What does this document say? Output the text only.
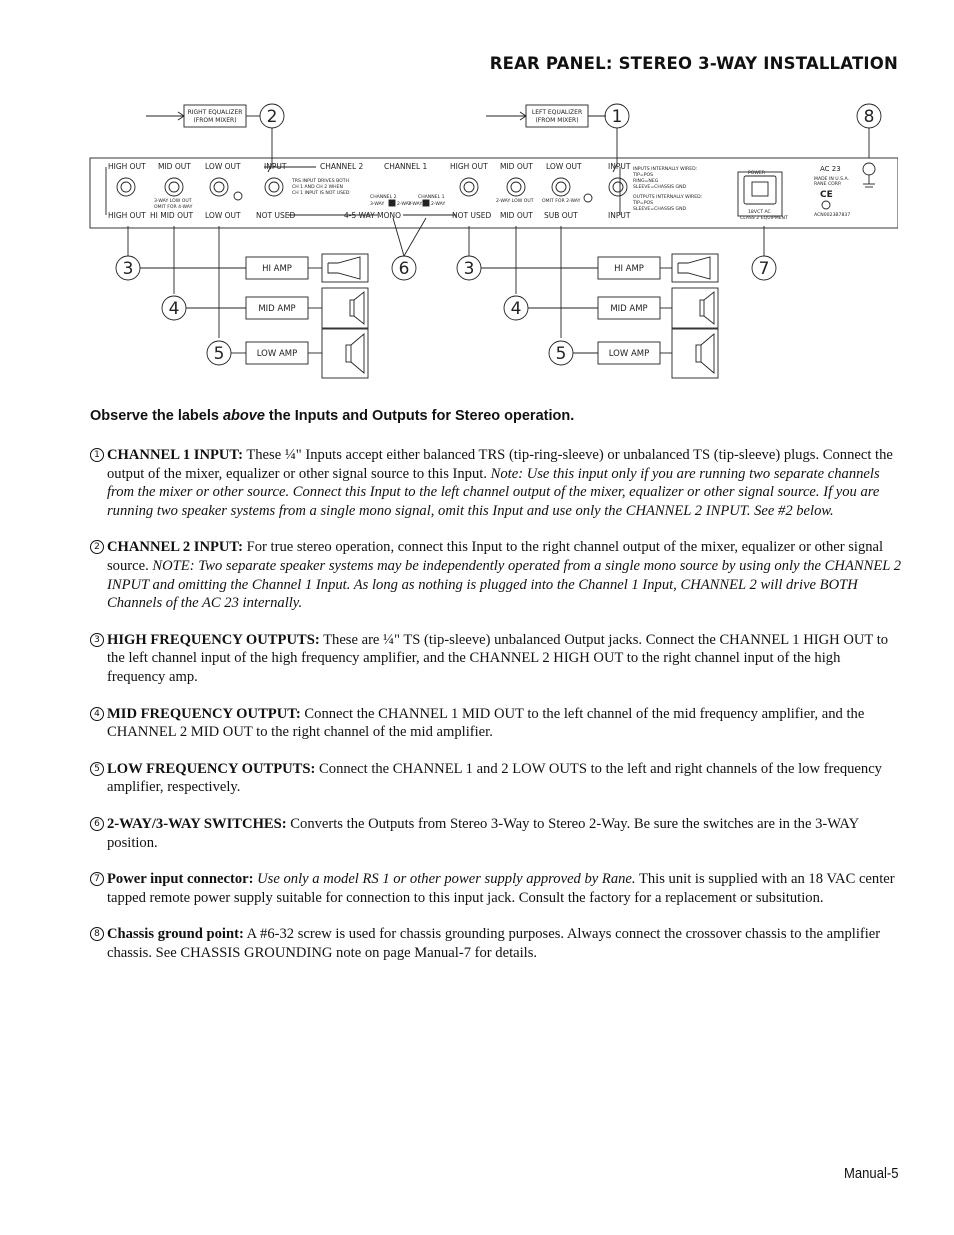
REAR PANEL: STEREO 3-WAY INSTALLATION
2	1	8
3
4
5
6	3
4
5
7
RIGHT EQUALIZER
(FROM MIXER)
LEFT EQUALIZER
(FROM MIXER)
HIGH OUT MID OUT LOW OUT	INPUT	CHANNEL 2	CHANNEL 1	HIGH OUT MID OUT LOW OUT	INPUT
HIGH OUT HI MID OUT LOW OUT NOT USED	4-5 WAY MONO	NOT USED MID OUT SUB OUT	INPUT
TRS INPUT DRIVES BOTH
CH 1 AND CH 2 WHEN
CH 1 INPUT IS NOT USED
3-WAY LOW OUT
OMIT FOR 4-WAY
2-WAY LOW OUT OMIT FOR 2-WAY
CHANNEL 2
3-WAY	2-WAY
CHANNEL 1
3-WAY 2-WAY
INPUTS INTERNALLY WIRED:
TIP=POS
RING=NEG
SLEEVE=CHASSIS GND
OUTPUTS INTERNALLY WIRED:
TIP=POS
SLEEVE=CHASSIS GND
POWER
18VCT AC
CLASS 2 EQUIPMENT
MADE IN U.S.A.
RANE CORP.
ACN0023B7837
AC 23
CE
HI AMP
MID AMP
LOW AMP
HI AMP
MID AMP
LOW AMP
Observe the labels above the Inputs and Outputs for Stereo operation.

1 CHANNEL 1 INPUT: These ¼" Inputs accept either balanced TRS (tip-ring-sleeve) or unbalanced TS (tip-sleeve) plugs. Connect the output of the mixer, equalizer or other signal source to this Input. Note: Use this input only if you are running two separate channels from the mixer or other source. Connect this Input to the left channel output of the mixer, equalizer or other signal source. If you are running two speaker systems from a single mono signal, omit this Input and use only the CHANNEL 2 INPUT. See #2 below.

2 CHANNEL 2 INPUT: For true stereo operation, connect this Input to the right channel output of the mixer, equalizer or other signal source. NOTE: Two separate speaker systems may be independently operated from a single mono source by using only the CHANNEL 2 INPUT and omitting the Channel 1 Input. As long as nothing is plugged into the Channel 1 Input, CHANNEL 2 will drive BOTH Channels of the AC 23 internally.

3 HIGH FREQUENCY OUTPUTS: These are ¼" TS (tip-sleeve) unbalanced Output jacks. Connect the CHANNEL 1 HIGH OUT to the left channel input of the high frequency amplifier, and the CHANNEL 2 HIGH OUT to the right channel input of the high frequency amp.

4 MID FREQUENCY OUTPUT: Connect the CHANNEL 1 MID OUT to the left channel of the mid frequency amplifier, and the CHANNEL 2 MID OUT to the right channel of the mid amplifier.

5 LOW FREQUENCY OUTPUTS: Connect the CHANNEL 1 and 2 LOW OUTS to the left and right channels of the low frequency amplifier, respectively.

6 2-WAY/3-WAY SWITCHES: Converts the Outputs from Stereo 3-Way to Stereo 2-Way. Be sure the switches are in the 3-WAY position.

7 Power input connector: Use only a model RS 1 or other power supply approved by Rane. This unit is supplied with an 18 VAC center tapped remote power supply suitable for connection to this input jack. Consult the factory for a replacement or subsitution.

8 Chassis ground point: A #6-32 screw is used for chassis grounding purposes. Always connect the crossover chassis to the amplifier chassis. See CHASSIS GROUNDING note on page Manual-7 for details.

Manual-5
